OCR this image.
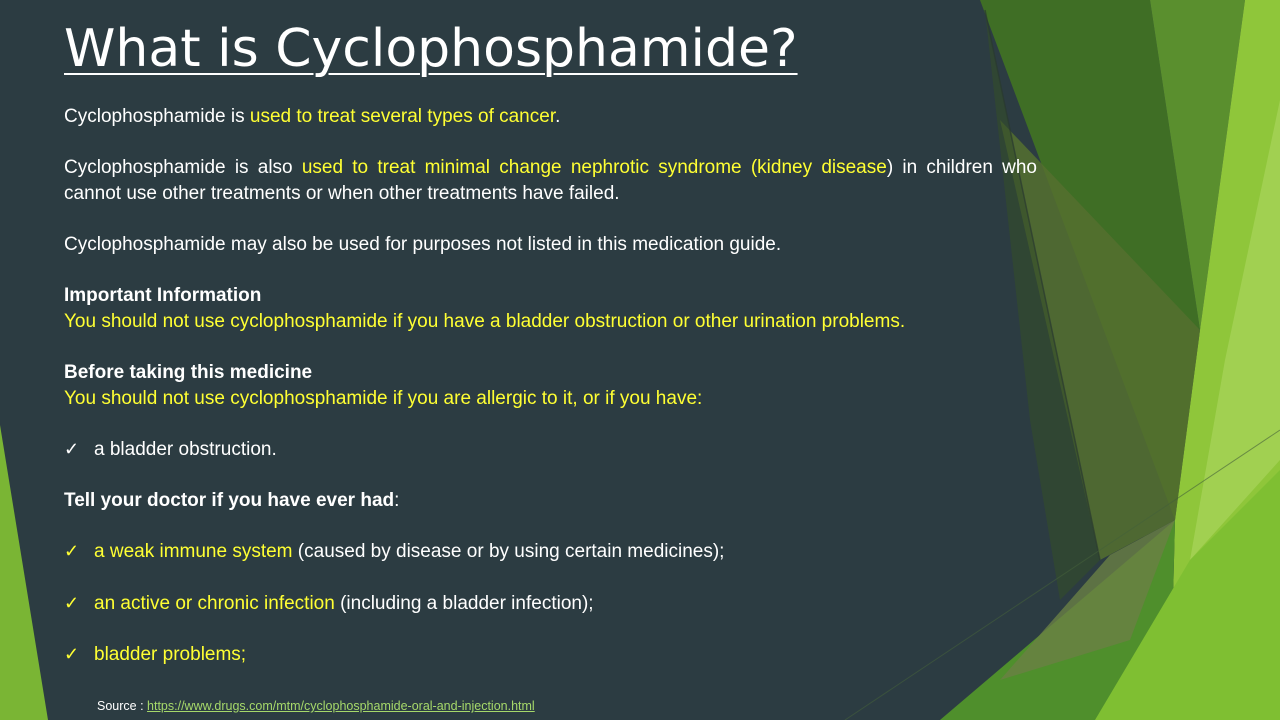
What is Cyclophosphamide?

Cyclophosphamide is used to treat several types of cancer.

Cyclophosphamide is also used to treat minimal change nephrotic syndrome (kidney disease) in children who cannot use other treatments or when other treatments have failed.

Cyclophosphamide may also be used for purposes not listed in this medication guide.

Important Information

You should not use cyclophosphamide if you have a bladder obstruction or other urination problems.

Before taking this medicine

You should not use cyclophosphamide if you are allergic to it, or if you have:

✓ a bladder obstruction.

Tell your doctor if you have ever had:

✓ a weak immune system (caused by disease or by using certain medicines);
✓ an active or chronic infection (including a bladder infection);
✓ bladder problems;
Source : https://www.drugs.com/mtm/cyclophosphamide-oral-and-injection.html
